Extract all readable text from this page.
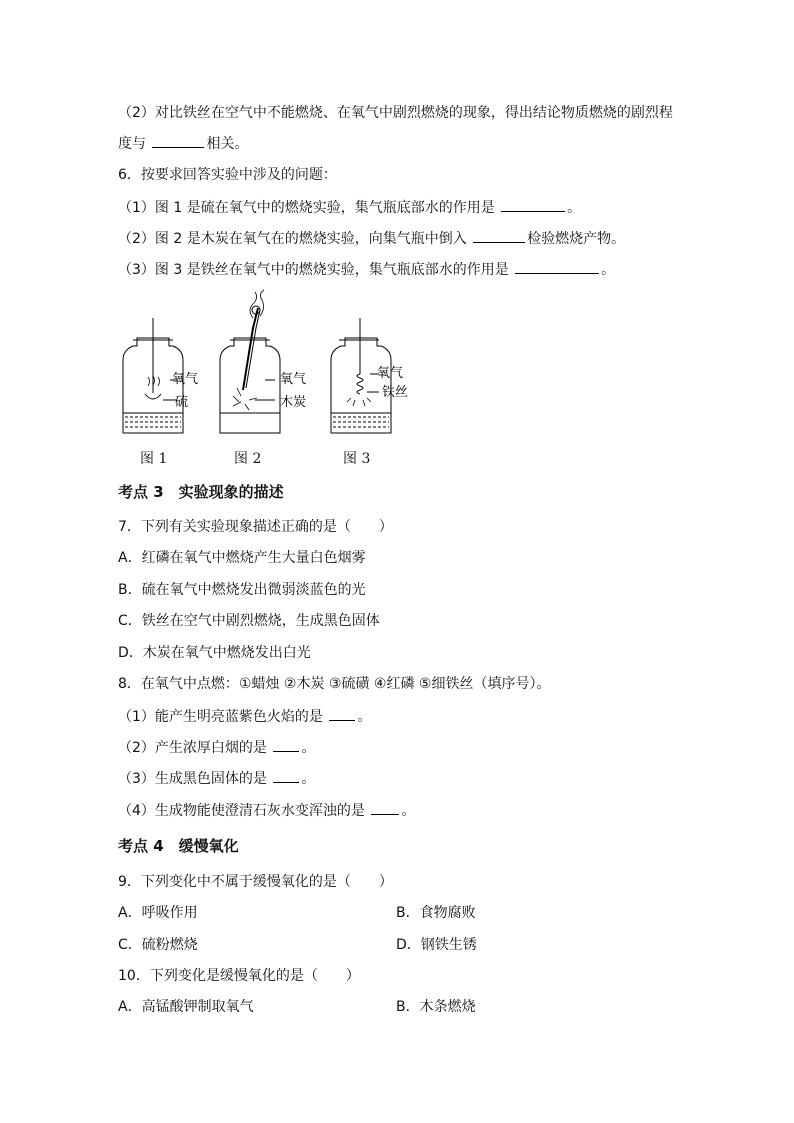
（2）对比铁丝在空气中不能燃烧、在氧气中剧烈燃烧的现象，得出结论物质燃烧的剧烈程
度与	相关。
6．按要求回答实验中涉及的问题：
（1）图 1 是硫在氧气中的燃烧实验，集气瓶底部水的作用是	。
（2）图 2 是木炭在氧气在的燃烧实验，向集气瓶中倒入	检验燃烧产物。
（3）图 3 是铁丝在氧气中的燃烧实验，集气瓶底部水的作用是	。
氧气
硫
氧气
木炭
氧气
铁丝
图 1	图 2	图 3
考点 3　实验现象的描述
7．下列有关实验现象描述正确的是（　　）
A．红磷在氧气中燃烧产生大量白色烟雾
B．硫在氧气中燃烧发出微弱淡蓝色的光
C．铁丝在空气中剧烈燃烧，生成黑色固体
D．木炭在氧气中燃烧发出白光
8．在氧气中点燃：①蜡烛 ②木炭 ③硫磺 ④红磷 ⑤细铁丝（填序号）。
（1）能产生明亮蓝紫色火焰的是 。
（2）产生浓厚白烟的是 。
（3）生成黑色固体的是 。
（4）生成物能使澄清石灰水变浑浊的是 。
考点 4　缓慢氧化
9．下列变化中不属于缓慢氧化的是（　　）
A．呼吸作用	B．食物腐败
C．硫粉燃烧	D．钢铁生锈
10．下列变化是缓慢氧化的是（　　）
A．高锰酸钾制取氧气	B．木条燃烧
